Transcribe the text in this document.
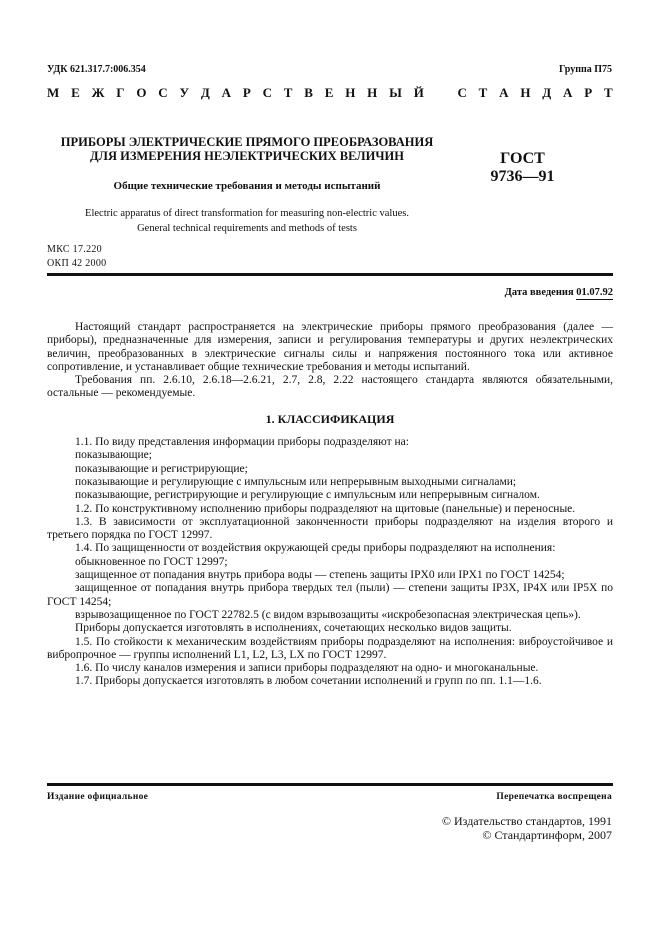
УДК 621.317.7:006.354	Группа П75
М Е Ж Г О С У Д А Р С Т В Е Н Н Ы Й	С Т А Н Д А Р Т
ПРИБОРЫ ЭЛЕКТРИЧЕСКИЕ ПРЯМОГО ПРЕОБРАЗОВАНИЯ
ДЛЯ ИЗМЕРЕНИЯ НЕЭЛЕКТРИЧЕСКИХ ВЕЛИЧИН
Общие технические требования и методы испытаний
Electric apparatus of direct transformation for measuring non-electric values.
General technical requirements and methods of tests
ГОСТ
9736—91
МКС 17.220
ОКП 42 2000
Дата введения 01.07.92

Настоящий стандарт распространяется на электрические приборы прямого преобразования (далее — приборы), предназначенные для измерения, записи и регулирования температуры и других неэлектрических величин, преобразованных в электрические сигналы силы и напряжения постоянного тока или активное сопротивление, и устанавливает общие технические требования и методы испытаний.

Требования пп. 2.6.10, 2.6.18—2.6.21, 2.7, 2.8, 2.22 настоящего стандарта являются обязательными, остальные — рекомендуемые.

1. КЛАССИФИКАЦИЯ

1.1. По виду представления информации приборы подразделяют на:

показывающие;

показывающие и регистрирующие;

показывающие и регулирующие с импульсным или непрерывным выходными сигналами;

показывающие, регистрирующие и регулирующие с импульсным или непрерывным сигналом.

1.2. По конструктивному исполнению приборы подразделяют на щитовые (панельные) и переносные.

1.3. В зависимости от эксплуатационной законченности приборы подразделяют на изделия второго и третьего порядка по ГОСТ 12997.

1.4. По защищенности от воздействия окружающей среды приборы подразделяют на исполнения:

обыкновенное по ГОСТ 12997;

защищенное от попадания внутрь прибора воды — степень защиты IPX0 или IPX1 по ГОСТ 14254;

защищенное от попадания внутрь прибора твердых тел (пыли) — степени защиты IP3X, IP4X или IP5X по ГОСТ 14254;

взрывозащищенное по ГОСТ 22782.5 (с видом взрывозащиты «искробезопасная электрическая цепь»).

Приборы допускается изготовлять в исполнениях, сочетающих несколько видов защиты.

1.5. По стойкости к механическим воздействиям приборы подразделяют на исполнения: виброустойчивое и вибропрочное — группы исполнений L1, L2, L3, LX по ГОСТ 12997.

1.6. По числу каналов измерения и записи приборы подразделяют на одно- и многоканальные.

1.7. Приборы допускается изготовлять в любом сочетании исполнений и групп по пп. 1.1—1.6.

Издание официальное	Перепечатка воспрещена
© Издательство стандартов, 1991
© Стандартинформ, 2007
